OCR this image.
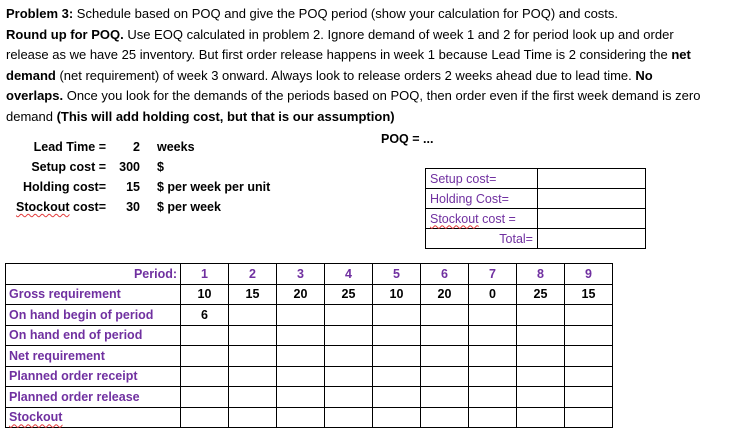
Problem 3: Schedule based on POQ and give the POQ period (show your calculation for POQ) and costs.
Round up for POQ. Use EOQ calculated in problem 2. Ignore demand of week 1 and 2 for period look up and order
release as we have 25 inventory. But first order release happens in week 1 because Lead Time is 2 considering the net
demand (net requirement) of week 3 onward. Always look to release orders 2 weeks ahead due to lead time. No
overlaps. Once you look for the demands of the periods based on POQ, then order even if the first week demand is zero
demand (This will add holding cost, but that is our assumption)
Lead Time =	2 weeks
Setup cost =	300 $
Holding cost=	15 $ per week per unit
Stockout cost=	30 $ per week
POQ = ...
Setup cost=	
Holding Cost=	
Stockout cost =	
Total=	
Period:	1	2	3	4	5	6	7	8	9
Gross requirement	10	15	20	25	10	20	0	25	15
On hand begin of period	6								
On hand end of period									
Net requirement									
Planned order receipt									
Planned order release									
Stockout									
